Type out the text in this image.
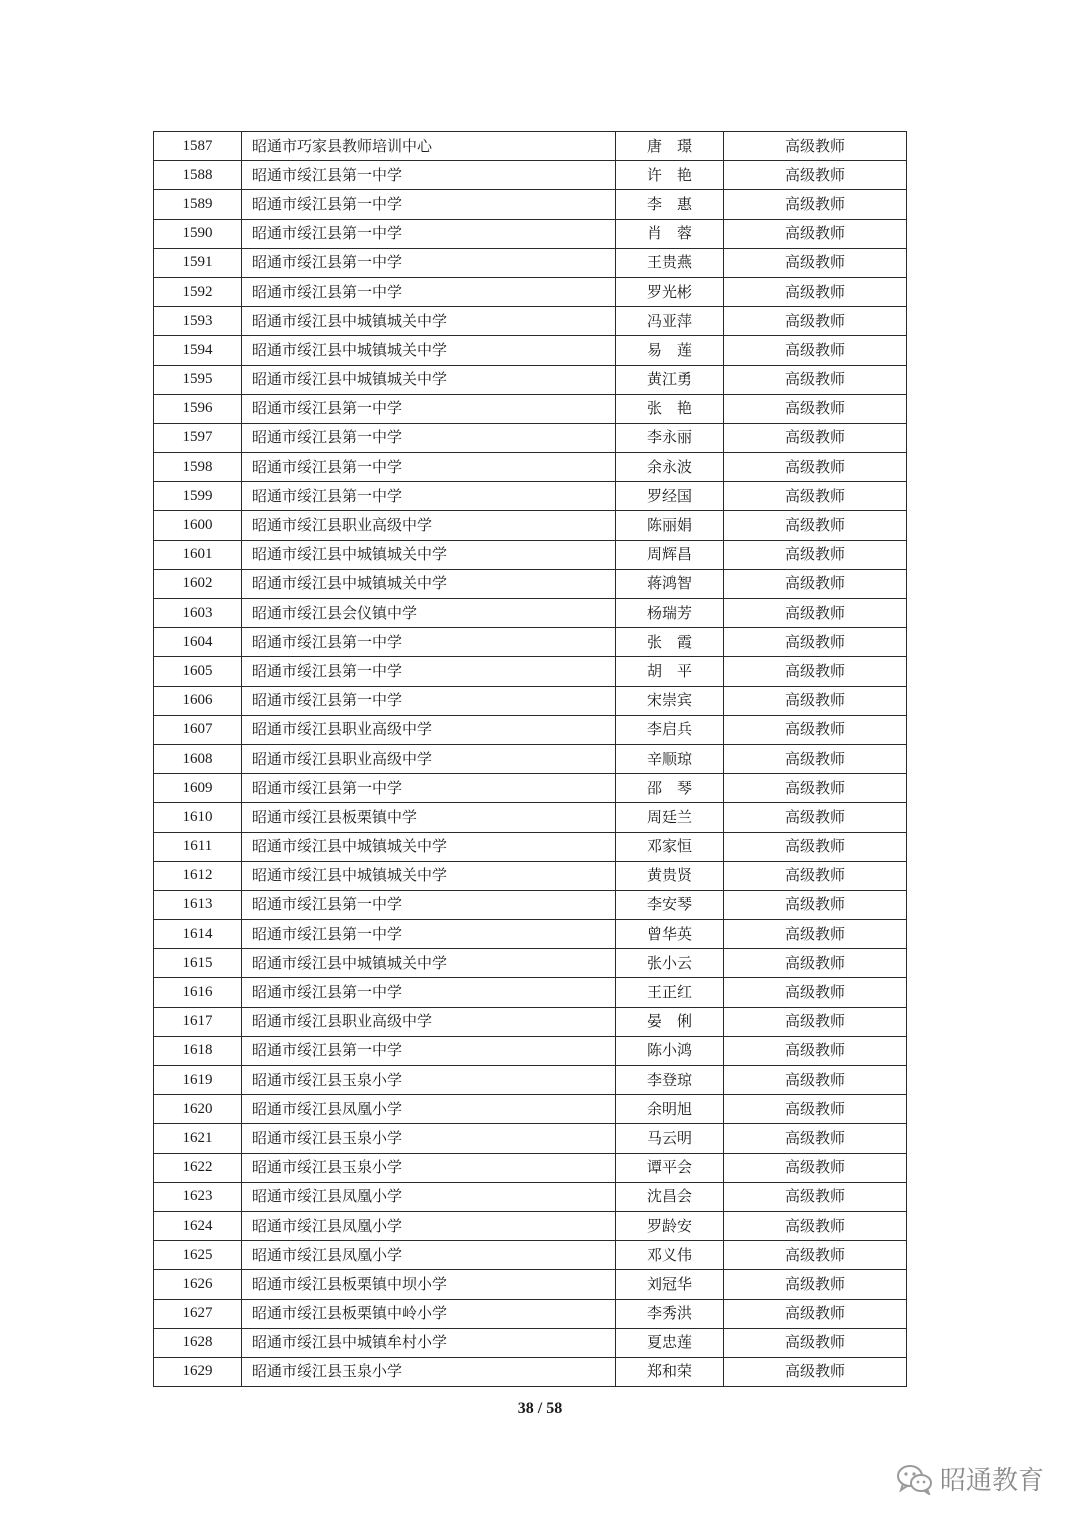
1587	昭通市巧家县教师培训中心	唐　璟	高级教师
1588	昭通市绥江县第一中学	许　艳	高级教师
1589	昭通市绥江县第一中学	李　惠	高级教师
1590	昭通市绥江县第一中学	肖　蓉	高级教师
1591	昭通市绥江县第一中学	王贵燕	高级教师
1592	昭通市绥江县第一中学	罗光彬	高级教师
1593	昭通市绥江县中城镇城关中学	冯亚萍	高级教师
1594	昭通市绥江县中城镇城关中学	易　莲	高级教师
1595	昭通市绥江县中城镇城关中学	黄江勇	高级教师
1596	昭通市绥江县第一中学	张　艳	高级教师
1597	昭通市绥江县第一中学	李永丽	高级教师
1598	昭通市绥江县第一中学	余永波	高级教师
1599	昭通市绥江县第一中学	罗经国	高级教师
1600	昭通市绥江县职业高级中学	陈丽娟	高级教师
1601	昭通市绥江县中城镇城关中学	周辉昌	高级教师
1602	昭通市绥江县中城镇城关中学	蒋鸿智	高级教师
1603	昭通市绥江县会仪镇中学	杨瑞芳	高级教师
1604	昭通市绥江县第一中学	张　霞	高级教师
1605	昭通市绥江县第一中学	胡　平	高级教师
1606	昭通市绥江县第一中学	宋崇宾	高级教师
1607	昭通市绥江县职业高级中学	李启兵	高级教师
1608	昭通市绥江县职业高级中学	辛顺琼	高级教师
1609	昭通市绥江县第一中学	邵　琴	高级教师
1610	昭通市绥江县板栗镇中学	周廷兰	高级教师
1611	昭通市绥江县中城镇城关中学	邓家恒	高级教师
1612	昭通市绥江县中城镇城关中学	黄贵贤	高级教师
1613	昭通市绥江县第一中学	李安琴	高级教师
1614	昭通市绥江县第一中学	曾华英	高级教师
1615	昭通市绥江县中城镇城关中学	张小云	高级教师
1616	昭通市绥江县第一中学	王正红	高级教师
1617	昭通市绥江县职业高级中学	晏　俐	高级教师
1618	昭通市绥江县第一中学	陈小鸿	高级教师
1619	昭通市绥江县玉泉小学	李登琼	高级教师
1620	昭通市绥江县凤凰小学	余明旭	高级教师
1621	昭通市绥江县玉泉小学	马云明	高级教师
1622	昭通市绥江县玉泉小学	谭平会	高级教师
1623	昭通市绥江县凤凰小学	沈昌会	高级教师
1624	昭通市绥江县凤凰小学	罗龄安	高级教师
1625	昭通市绥江县凤凰小学	邓义伟	高级教师
1626	昭通市绥江县板栗镇中坝小学	刘冠华	高级教师
1627	昭通市绥江县板栗镇中岭小学	李秀洪	高级教师
1628	昭通市绥江县中城镇牟村小学	夏忠莲	高级教师
1629	昭通市绥江县玉泉小学	郑和荣	高级教师
38 / 58
昭通教育
